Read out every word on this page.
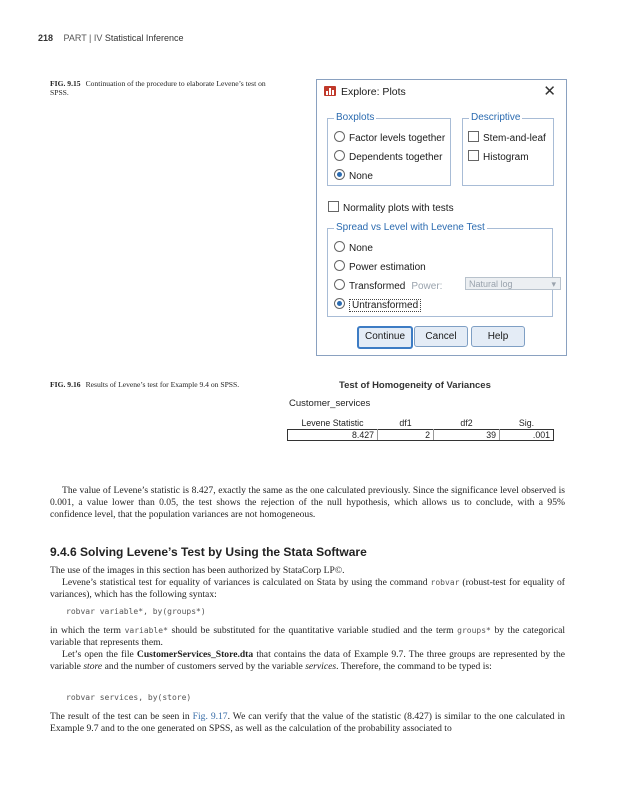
218 PART | IV Statistical Inference
FIG. 9.15 Continuation of the procedure to elaborate Levene’s test on SPSS.	Explore: Plots	✕
Boxplots
Factor levels together
Dependents together
None
Descriptive
Stem-and-leaf
Histogram
Normality plots with tests
Spread vs Level with Levene Test
None
Power estimation
Transformed Power:	Natural log ▾
Untransformed
Continue	Cancel	Help
FIG. 9.16 Results of Levene’s test for Example 9.4 on SPSS.	Test of Homogeneity of Variances
Customer_services
Levene Statistic	df1	df2	Sig.
8.427	2	39	.001
The value of Levene’s statistic is 8.427, exactly the same as the one calculated previously. Since the significance level observed is 0.001, a value lower than 0.05, the test shows the rejection of the null hypothesis, which allows us to conclude, with a 95% confidence level, that the population variances are not homogeneous.
9.4.6 Solving Levene’s Test by Using the Stata Software
The use of the images in this section has been authorized by StataCorp LP©.
Levene’s statistical test for equality of variances is calculated on Stata by using the command robvar (robust-test for equality of variances), which has the following syntax:
robvar variable*, by(groups*)
in which the term variable* should be substituted for the quantitative variable studied and the term groups* by the categorical variable that represents them.
Let’s open the file CustomerServices_Store.dta that contains the data of Example 9.7. The three groups are represented by the variable store and the number of customers served by the variable services. Therefore, the command to be typed is:
robvar services, by(store)
The result of the test can be seen in Fig. 9.17. We can verify that the value of the statistic (8.427) is similar to the one calculated in Example 9.7 and to the one generated on SPSS, as well as the calculation of the probability associated to
